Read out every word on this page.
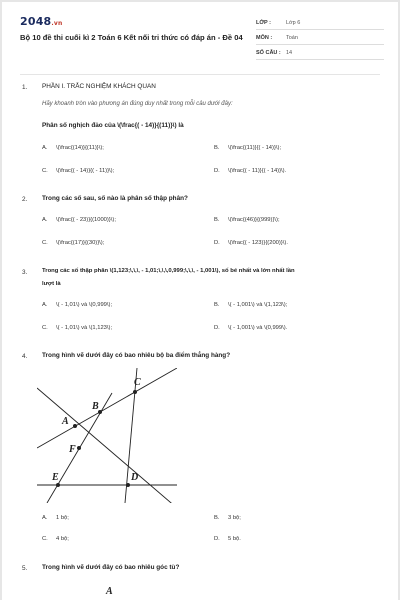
2048.vn
Bộ 10 đề thi cuối kì 2 Toán 6 Kết nối tri thức có đáp án - Đề 04
LỚP :	Lớp 6
MÔN :	Toán
SỐ CÂU : 14
1. PHẦN I. TRẮC NGHIỆM KHÁCH QUAN
Hãy khoanh tròn vào phương án đúng duy nhất trong mỗi câu dưới đây:
Phân số nghịch đảo của \(\frac{( - 14)}{(11)}\) là
A. \(\frac{(14)}{(11)}\);	B. \(\frac{(11)}{( - 14)}\);
C. \(\frac{( - 14)}{( - 11)}\);	D. \(\frac{( - 11)}{( - 14)}\).
2. Trong các số sau, số nào là phân số thập phân?
A. \(\frac{( - 23)}{(1000)}\);	B. \(\frac{(46)}{(999)}\);
C. \(\frac{(17)}{(30)}\);	D. \(\frac{( - 123)}{(200)}\).
3. Trong các số thập phân \(1,123;\,\,\, - 1,01;\,\,\,0,999;\,\,\, - 1,001\), số bé nhất và lớn nhất lần
lượt là
A. \( - 1,01\) và \(0,999\);	B. \( - 1,001\) và \(1,123\);
C. \( - 1,01\) và \(1,123\);	D. \( - 1,001\) và \(0,999\).
4. Trong hình vẽ dưới đây có bao nhiêu bộ ba điểm thẳng hàng?
A
B
C
F
E	D
A. 1 bộ;	B. 3 bộ;
C. 4 bộ;	D. 5 bộ.
5. Trong hình vẽ dưới đây có bao nhiêu góc tù?
A
